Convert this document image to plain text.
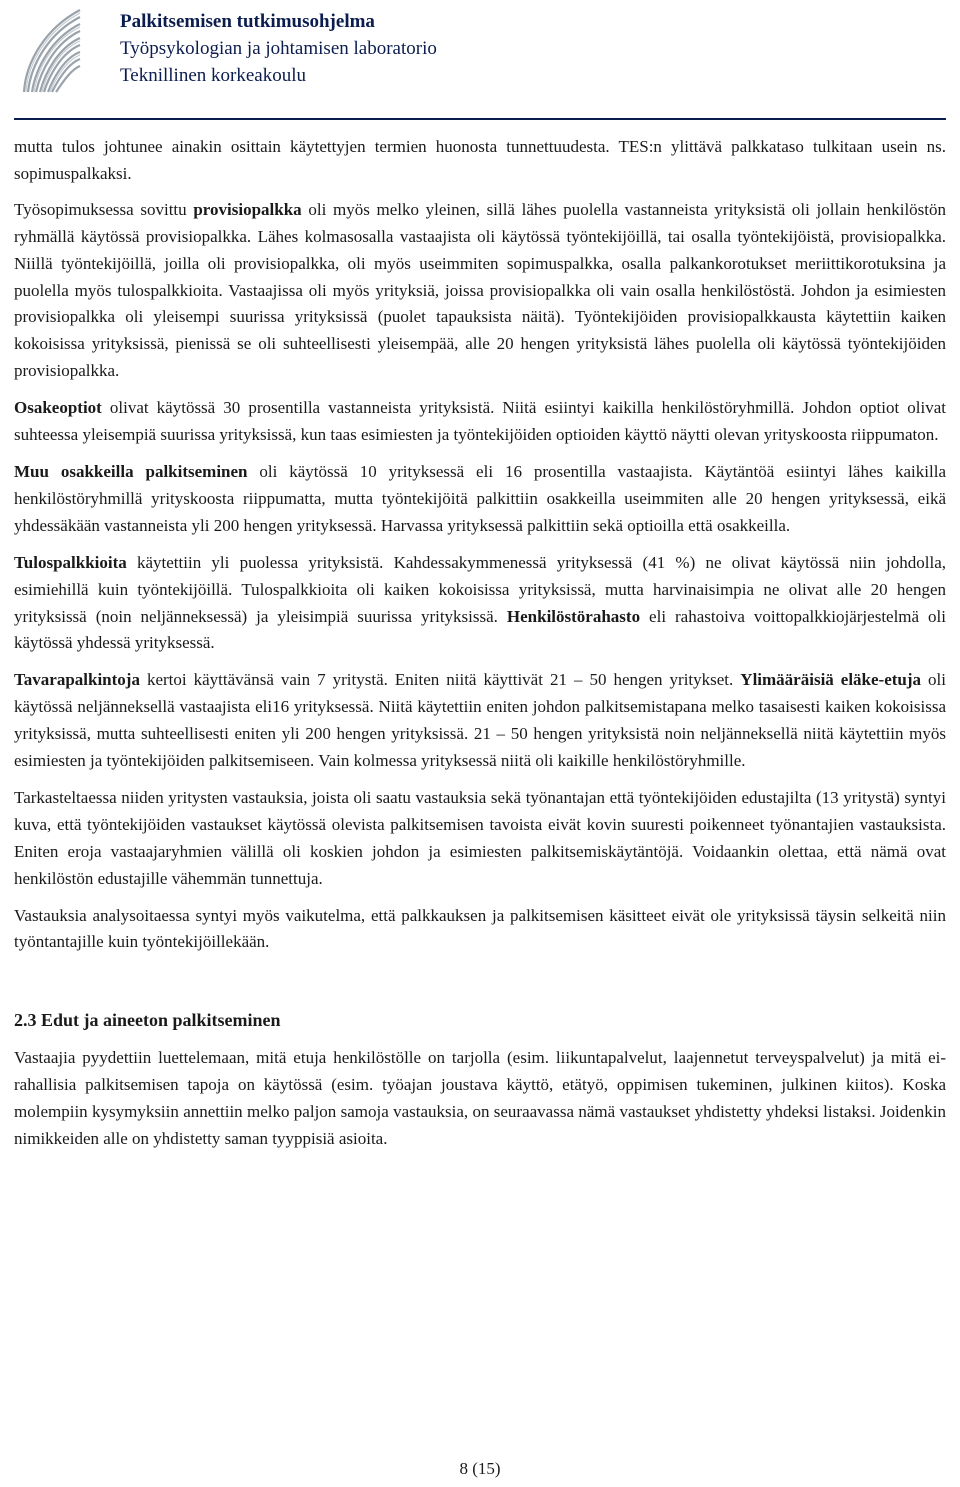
Palkitsemisen tutkimusohjelma
Työpsykologian ja johtamisen laboratorio
Teknillinen korkeakoulu

mutta tulos johtunee ainakin osittain käytettyjen termien huonosta tunnettuudesta. TES:n ylittävä palkkataso tulkitaan usein ns. sopimuspalkaksi.

Työsopimuksessa sovittu provisiopalkka oli myös melko yleinen, sillä lähes puolella vastanneista yrityksistä oli jollain henkilöstön ryhmällä käytössä provisiopalkka. Lähes kolmasosalla vastaajista oli käytössä työntekijöillä, tai osalla työntekijöistä, provisiopalkka. Niillä työntekijöillä, joilla oli provisiopalkka, oli myös useimmiten sopimuspalkka, osalla palkankorotukset meriittikorotuksina ja puolella myös tulospalkkioita. Vastaajissa oli myös yrityksiä, joissa provisiopalkka oli vain osalla henkilöstöstä. Johdon ja esimiesten provisiopalkka oli yleisempi suurissa yrityksissä (puolet tapauksista näitä). Työntekijöiden provisiopalkkausta käytettiin kaiken kokoisissa yrityksissä, pienissä se oli suhteellisesti yleisempää, alle 20 hengen yrityksistä lähes puolella oli käytössä työntekijöiden provisiopalkka.

Osakeoptiot olivat käytössä 30 prosentilla vastanneista yrityksistä. Niitä esiintyi kaikilla henkilöstöryhmillä. Johdon optiot olivat suhteessa yleisempiä suurissa yrityksissä, kun taas esimiesten ja työntekijöiden optioiden käyttö näytti olevan yrityskoosta riippumaton.

Muu osakkeilla palkitseminen oli käytössä 10 yrityksessä eli 16 prosentilla vastaajista. Käytäntöä esiintyi lähes kaikilla henkilöstöryhmillä yrityskoosta riippumatta, mutta työntekijöitä palkittiin osakkeilla useimmiten alle 20 hengen yrityksessä, eikä yhdessäkään vastanneista yli 200 hengen yrityksessä. Harvassa yrityksessä palkittiin sekä optioilla että osakkeilla.

Tulospalkkioita käytettiin yli puolessa yrityksistä. Kahdessakymmenessä yrityksessä (41 %) ne olivat käytössä niin johdolla, esimiehillä kuin työntekijöillä. Tulospalkkioita oli kaiken kokoisissa yrityksissä, mutta harvinaisimpia ne olivat alle 20 hengen yrityksissä (noin neljänneksessä) ja yleisimpiä suurissa yrityksissä. Henkilöstörahasto eli rahastoiva voittopalkkiojärjestelmä oli käytössä yhdessä yrityksessä.

Tavarapalkintoja kertoi käyttävänsä vain 7 yritystä. Eniten niitä käyttivät 21 – 50 hengen yritykset. Ylimääräisiä eläke-etuja oli käytössä neljänneksellä vastaajista eli16 yrityksessä. Niitä käytettiin eniten johdon palkitsemistapana melko tasaisesti kaiken kokoisissa yrityksissä, mutta suhteellisesti eniten yli 200 hengen yrityksissä. 21 – 50 hengen yrityksistä noin neljänneksellä niitä käytettiin myös esimiesten ja työntekijöiden palkitsemiseen. Vain kolmessa yrityksessä niitä oli kaikille henkilöstöryhmille.

Tarkasteltaessa niiden yritysten vastauksia, joista oli saatu vastauksia sekä työnantajan että työntekijöiden edustajilta (13 yritystä) syntyi kuva, että työntekijöiden vastaukset käytössä olevista palkitsemisen tavoista eivät kovin suuresti poikenneet työnantajien vastauksista. Eniten eroja vastaajaryhmien välillä oli koskien johdon ja esimiesten palkitsemiskäytäntöjä. Voidaankin olettaa, että nämä ovat henkilöstön edustajille vähemmän tunnettuja.

Vastauksia analysoitaessa syntyi myös vaikutelma, että palkkauksen ja palkitsemisen käsitteet eivät ole yrityksissä täysin selkeitä niin työntantajille kuin työntekijöillekään.

2.3 Edut ja aineeton palkitseminen

Vastaajia pyydettiin luettelemaan, mitä etuja henkilöstölle on tarjolla (esim. liikuntapalvelut, laajennetut terveyspalvelut) ja mitä ei-rahallisia palkitsemisen tapoja on käytössä (esim. työajan joustava käyttö, etätyö, oppimisen tukeminen, julkinen kiitos). Koska molempiin kysymyksiin annettiin melko paljon samoja vastauksia, on seuraavassa nämä vastaukset yhdistetty yhdeksi listaksi. Joidenkin nimikkeiden alle on yhdistetty saman tyyppisiä asioita.

8 (15)
